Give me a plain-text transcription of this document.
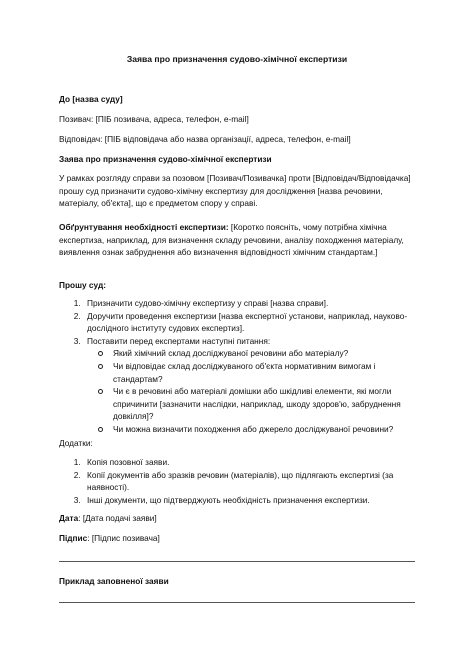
Заява про призначення судово-хімічної експертизи

До [назва суду]

Позивач: [ПІБ позивача, адреса, телефон, e-mail]

Відповідач: [ПІБ відповідача або назва організації, адреса, телефон, e-mail]

Заява про призначення судово-хімічної експертизи

У рамках розгляду справи за позовом [Позивач/Позивачка] проти [Відповідач/Відповідачка] прошу суд призначити судово-хімічну експертизу для дослідження [назва речовини, матеріалу, об'єкта], що є предметом спору у справі.

Обґрунтування необхідності експертизи: [Коротко поясніть, чому потрібна хімічна експертиза, наприклад, для визначення складу речовини, аналізу походження матеріалу, виявлення ознак забруднення або визначення відповідності хімічним стандартам.]

Прошу суд:

1. Призначити судово-хімічну експертизу у справі [назва справи].
2. Доручити проведення експертизи [назва експертної установи, наприклад, науково-дослідного інституту судових експертиз].
3. Поставити перед експертами наступні питання:
Який хімічний склад досліджуваної речовини або матеріалу?
Чи відповідає склад досліджуваного об'єкта нормативним вимогам і стандартам?
Чи є в речовині або матеріалі домішки або шкідливі елементи, які могли спричинити [зазначити наслідки, наприклад, шкоду здоров'ю, забруднення довкілля]?
Чи можна визначити походження або джерело досліджуваної речовини?

Додатки:

1. Копія позовної заяви.
2. Копії документів або зразків речовин (матеріалів), що підлягають експертизі (за наявності).
3. Інші документи, що підтверджують необхідність призначення експертизи.

Дата: [Дата подачі заяви]

Підпис: [Підпис позивача]

Приклад заповненої заяви
